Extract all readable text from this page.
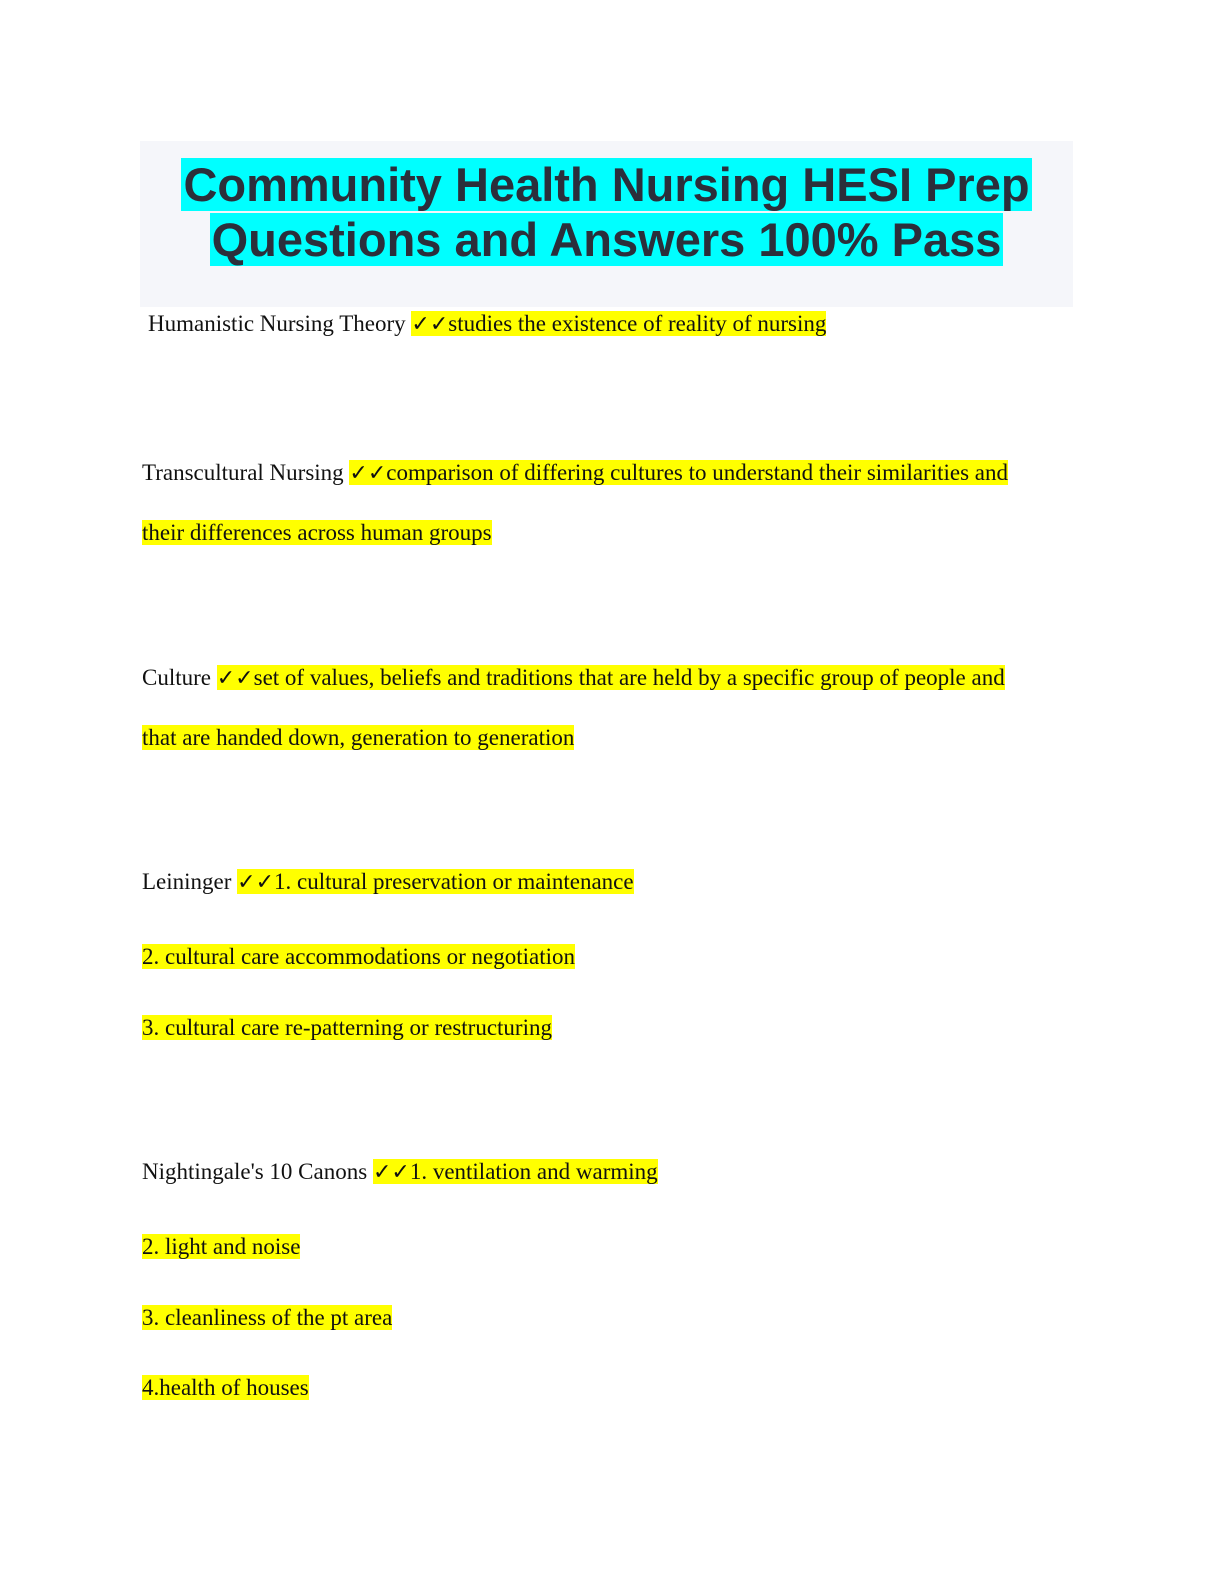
Community Health Nursing HESI Prep
Questions and Answers 100% Pass
Humanistic Nursing Theory ✓✓studies the existence of reality of nursing
Transcultural Nursing ✓✓comparison of differing cultures to understand their similarities and
their differences across human groups
Culture ✓✓set of values, beliefs and traditions that are held by a specific group of people and
that are handed down, generation to generation
Leininger ✓✓1. cultural preservation or maintenance
2. cultural care accommodations or negotiation
3. cultural care re-patterning or restructuring
Nightingale's 10 Canons ✓✓1. ventilation and warming
2. light and noise
3. cleanliness of the pt area
4.health of houses
